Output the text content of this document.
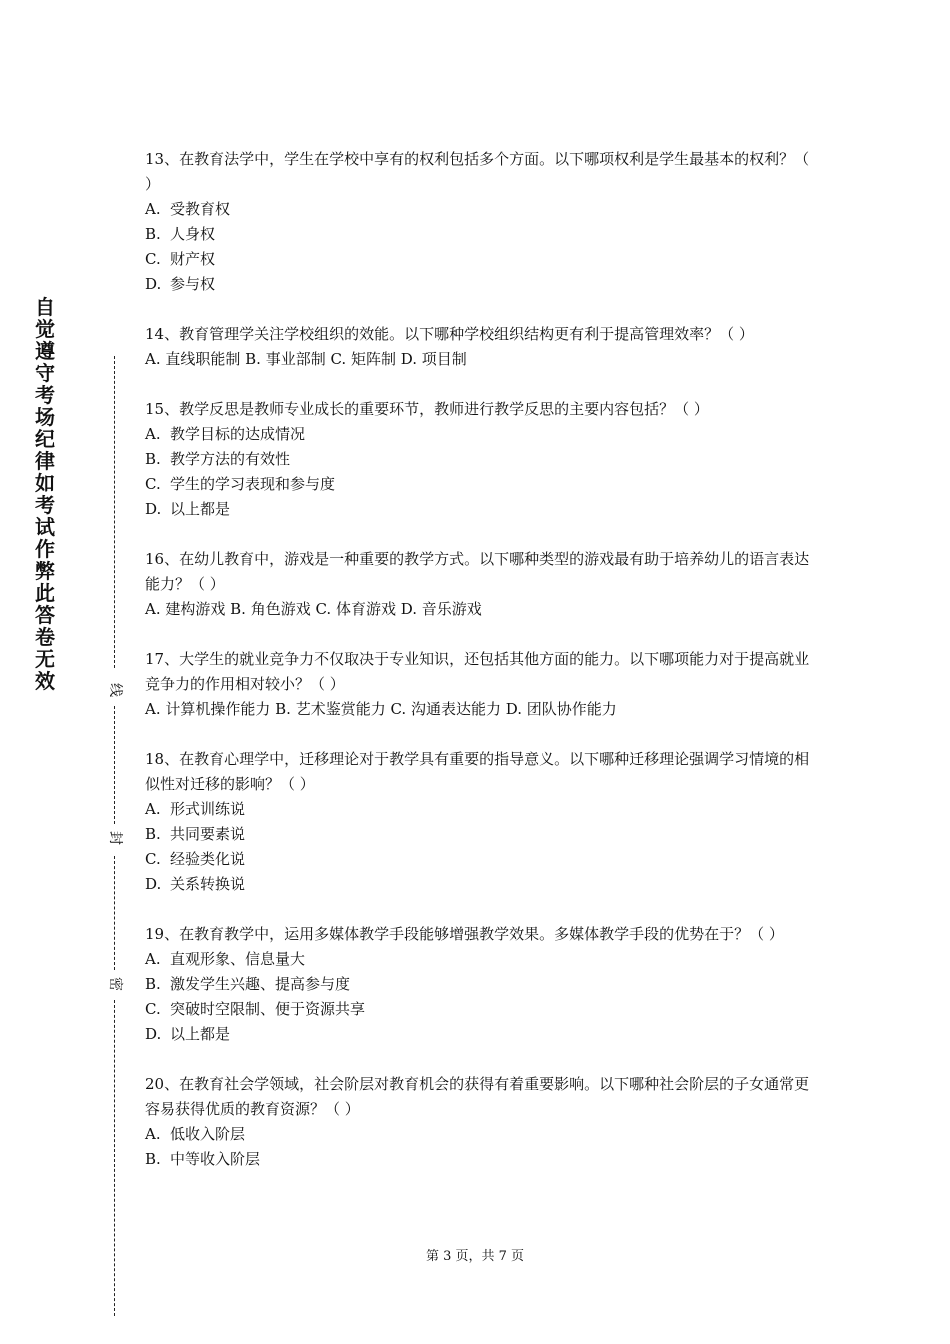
自觉遵守考场纪律如考试作弊此答卷无效	线
封
密

13、在教育法学中，学生在学校中享有的权利包括多个方面。以下哪项权利是学生最基本的权利？（ ）

A. 受教育权
B. 人身权
C. 财产权
D. 参与权

14、教育管理学关注学校组织的效能。以下哪种学校组织结构更有利于提高管理效率？（ ）

A. 直线职能制 B. 事业部制 C. 矩阵制 D. 项目制

15、教学反思是教师专业成长的重要环节，教师进行教学反思的主要内容包括？（ ）

A. 教学目标的达成情况
B. 教学方法的有效性
C. 学生的学习表现和参与度
D. 以上都是

16、在幼儿教育中，游戏是一种重要的教学方式。以下哪种类型的游戏最有助于培养幼儿的语言表达能力？（ ）

A. 建构游戏 B. 角色游戏 C. 体育游戏 D. 音乐游戏

17、大学生的就业竞争力不仅取决于专业知识，还包括其他方面的能力。以下哪项能力对于提高就业竞争力的作用相对较小？（ ）

A. 计算机操作能力 B. 艺术鉴赏能力 C. 沟通表达能力 D. 团队协作能力

18、在教育心理学中，迁移理论对于教学具有重要的指导意义。以下哪种迁移理论强调学习情境的相似性对迁移的影响？（ ）

A. 形式训练说
B. 共同要素说
C. 经验类化说
D. 关系转换说

19、在教育教学中，运用多媒体教学手段能够增强教学效果。多媒体教学手段的优势在于？（ ）

A. 直观形象、信息量大
B. 激发学生兴趣、提高参与度
C. 突破时空限制、便于资源共享
D. 以上都是

20、在教育社会学领域，社会阶层对教育机会的获得有着重要影响。以下哪种社会阶层的子女通常更容易获得优质的教育资源？（ ）

A. 低收入阶层
B. 中等收入阶层
第 3 页，共 7 页
